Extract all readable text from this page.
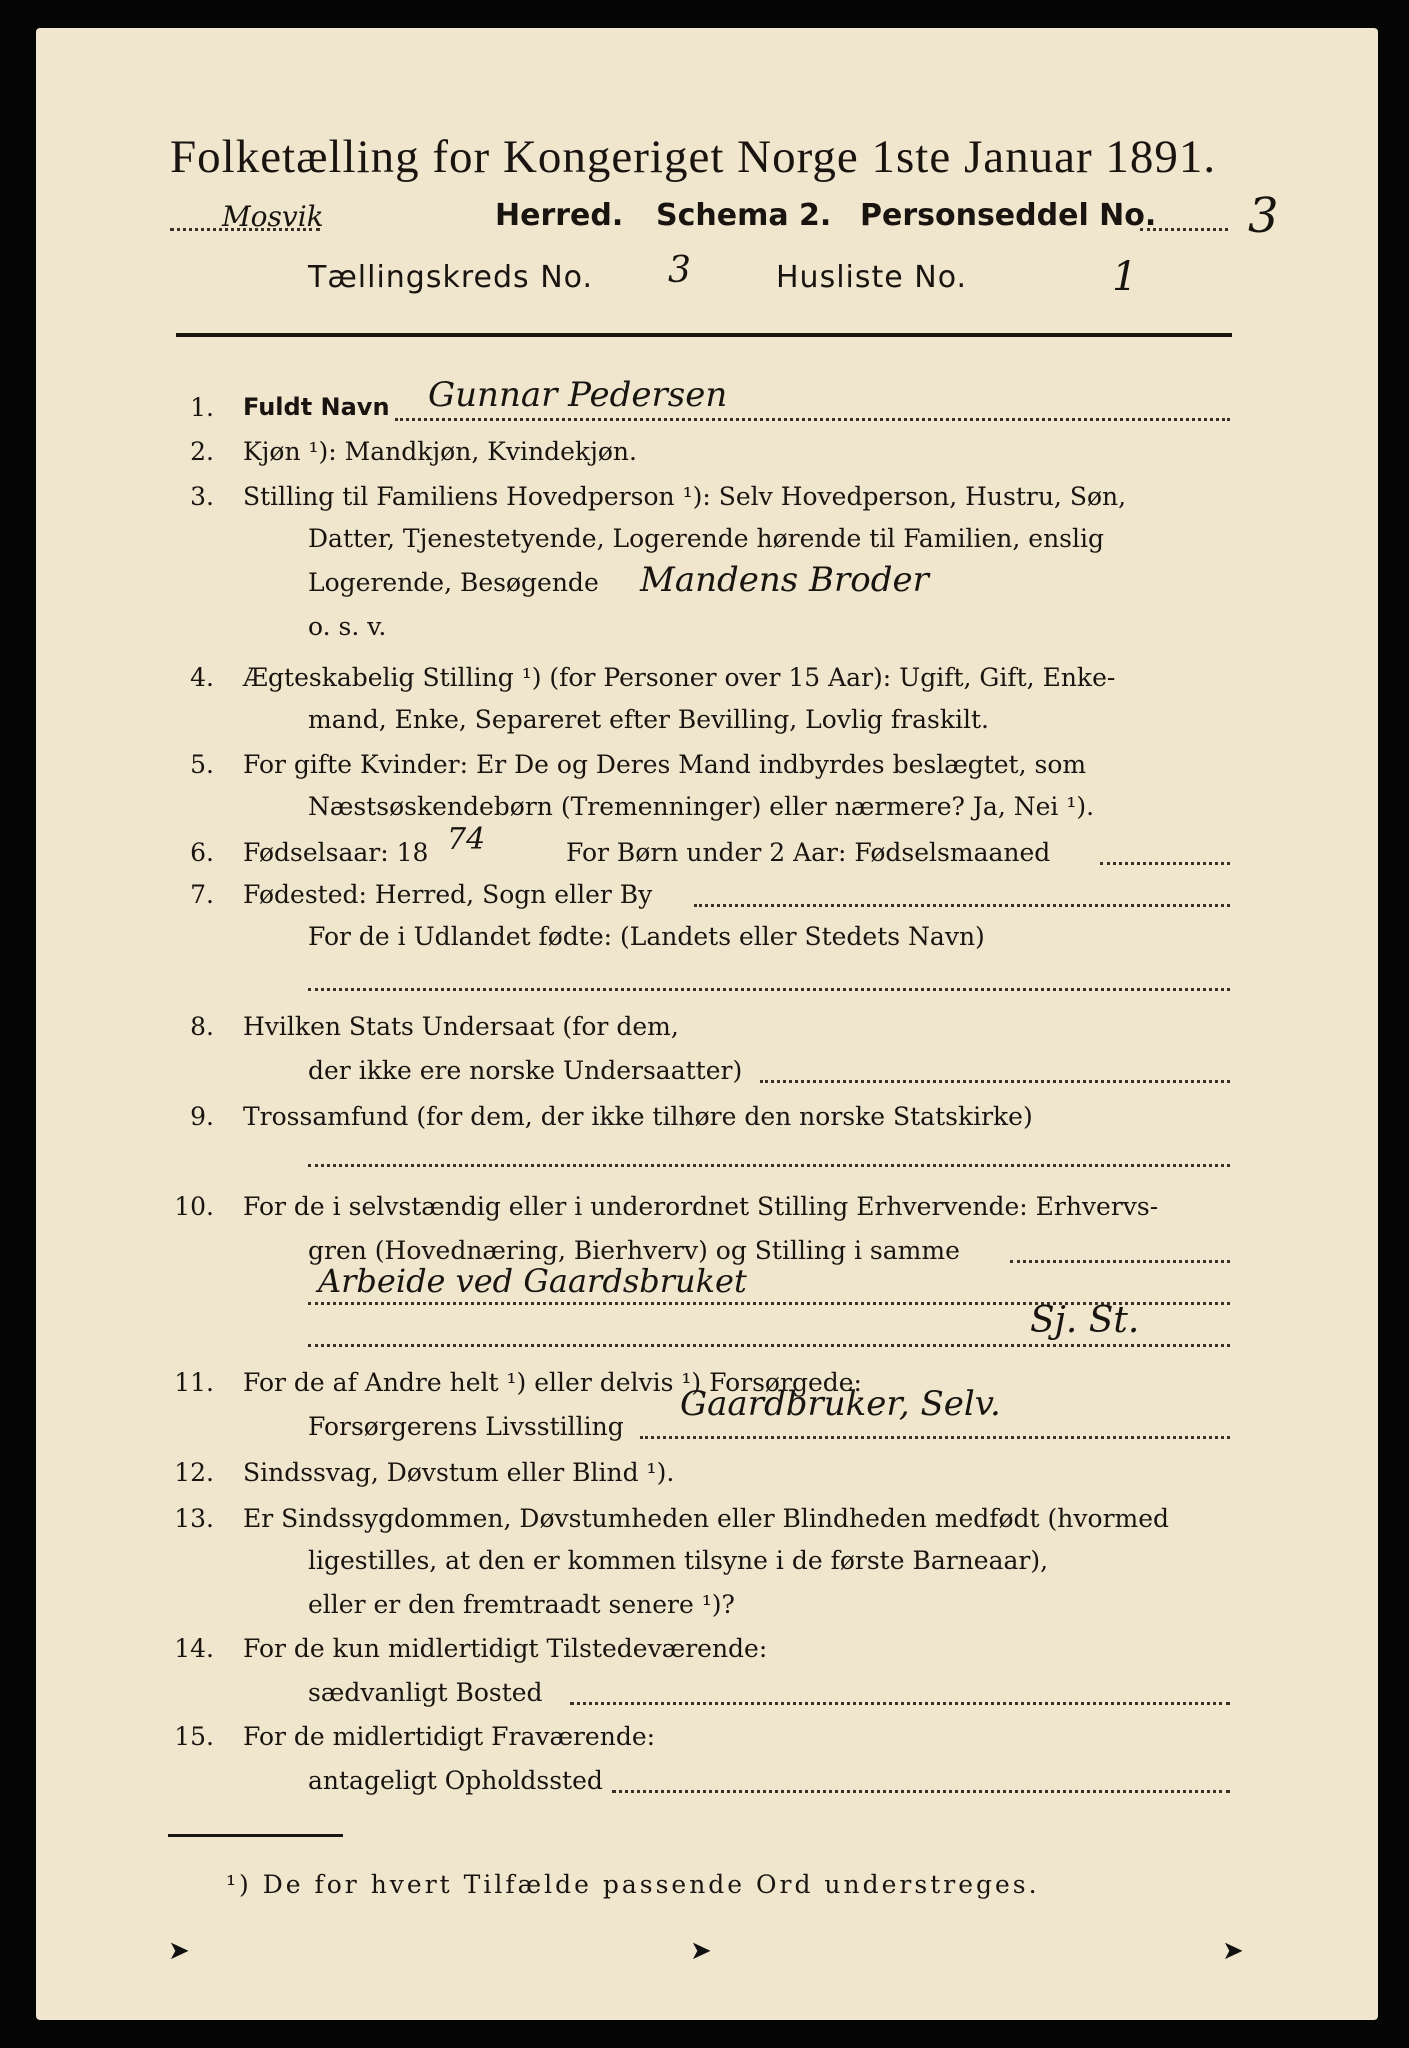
Folketælling for Kongeriget Norge 1ste Januar 1891.
Mosvik	Herred. Schema 2. Personseddel No. 3
Tællingskreds No. 3	Husliste No.	1
1. Fuldt Navn Gunnar Pedersen
2. Kjøn ¹): Mandkjøn, Kvindekjøn.
3. Stilling til Familiens Hovedperson ¹): Selv Hovedperson, Hustru, Søn,
Datter, Tjenestetyende, Logerende hørende til Familien, enslig
Logerende, Besøgende Mandens Broder
o. s. v.
4. Ægteskabelig Stilling ¹) (for Personer over 15 Aar): Ugift, Gift, Enke-
mand, Enke, Separeret efter Bevilling, Lovlig fraskilt.
5. For gifte Kvinder: Er De og Deres Mand indbyrdes beslægtet, som
Næstsøskendebørn (Tremenninger) eller nærmere? Ja, Nei ¹).
6. Fødselsaar: 18 74	For Børn under 2 Aar: Fødselsmaaned
7. Fødested: Herred, Sogn eller By
For de i Udlandet fødte: (Landets eller Stedets Navn)
8. Hvilken Stats Undersaat (for dem,
der ikke ere norske Undersaatter)
9. Trossamfund (for dem, der ikke tilhøre den norske Statskirke)
10. For de i selvstændig eller i underordnet Stilling Erhvervende: Erhvervs-
gren (Hovednæring, Bierhverv) og Stilling i samme
Arbeide ved Gaardsbruket
Sj. St.
11. For de af Andre helt ¹) eller delvis ¹) Forsørgede:
Forsørgerens Livsstilling
Gaardbruker, Selv.
12. Sindssvag, Døvstum eller Blind ¹).
13. Er Sindssygdommen, Døvstumheden eller Blindheden medfødt (hvormed
ligestilles, at den er kommen tilsyne i de første Barneaar),
eller er den fremtraadt senere ¹)?
14. For de kun midlertidigt Tilstedeværende:
sædvanligt Bosted
15. For de midlertidigt Fraværende:
antageligt Opholdssted
¹) De for hvert Tilfælde passende Ord understreges.
➤	➤	➤
